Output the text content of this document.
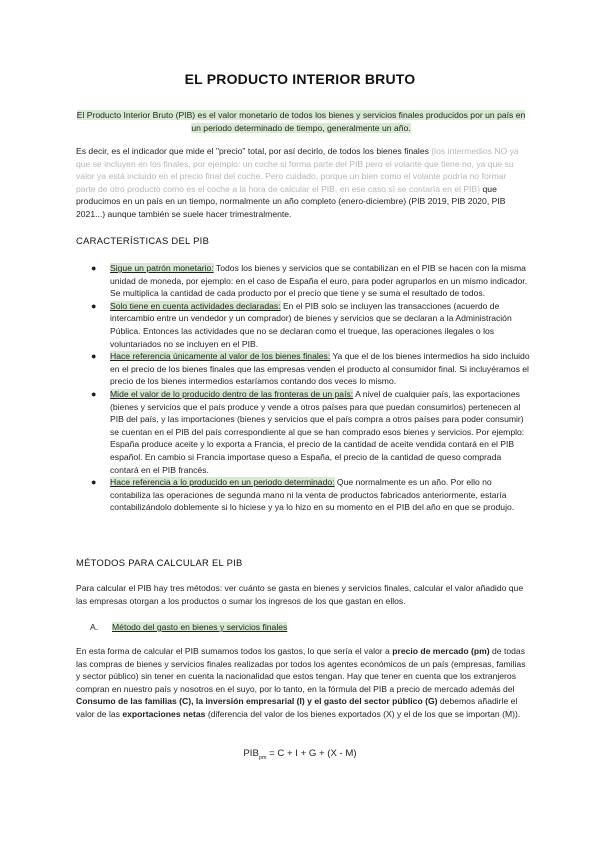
EL PRODUCTO INTERIOR BRUTO
El Producto Interior Bruto (PIB) es el valor monetario de todos los bienes y servicios finales producidos por un país en un periodo determinado de tiempo, generalmente un año.
Es decir, es el indicador que mide el "precio" total, por así decirlo, de todos los bienes finales (los intermedios NO ya que se incluyen en los finales, por ejemplo: un coche sí forma parte del PIB pero el volante que tiene no, ya que su valor ya está incluido en el precio final del coche. Pero cuidado, porque un bien como el volante podría no formar parte de otro producto como es el coche a la hora de calcular el PIB, en ese caso sí se contaría en el PIB) que producimos en un país en un tiempo, normalmente un año completo (enero-diciembre) (PIB 2019, PIB 2020, PIB 2021...) aunque también se suele hacer trimestralmente.
CARACTERÍSTICAS DEL PIB
● Sigue un patrón monetario: Todos los bienes y servicios que se contabilizan en el PIB se hacen con la misma unidad de moneda, por ejemplo: en el caso de España el euro, para poder agruparlos en un mismo indicador. Se multiplica la cantidad de cada producto por el precio que tiene y se suma el resultado de todos.
● Solo tiene en cuenta actividades declaradas: En el PIB solo se incluyen las transacciones (acuerdo de intercambio entre un vendedor y un comprador) de bienes y servicios que se declaran a la Administración Pública. Entonces las actividades que no se declaran como el trueque, las operaciones ilegales o los voluntariados no se incluyen en el PIB.
● Hace referencia únicamente al valor de los bienes finales: Ya que el de los bienes intermedios ha sido incluido en el precio de los bienes finales que las empresas venden el producto al consumidor final. Si incluyéramos el precio de los bienes intermedios estaríamos contando dos veces lo mismo.
● Mide el valor de lo producido dentro de las fronteras de un país: A nivel de cualquier país, las exportaciones (bienes y servicios que el país produce y vende a otros países para que puedan consumirlos) pertenecen al PIB del país, y las importaciones (bienes y servicios que el país compra a otros países para poder consumir) se cuentan en el PIB del país correspondiente al que se han comprado esos bienes y servicios. Por ejemplo: España produce aceite y lo exporta a Francia, el precio de la cantidad de aceite vendida contará en el PIB español. En cambio si Francia importase queso a España, el precio de la cantidad de queso comprada contará en el PIB francés.
● Hace referencia a lo producido en un periodo determinado: Que normalmente es un año. Por ello no contabiliza las operaciones de segunda mano ni la venta de productos fabricados anteriormente, estaría contabilizándolo doblemente si lo hiciese y ya lo hizo en su momento en el PIB del año en que se produjo.
MÉTODOS PARA CALCULAR EL PIB
Para calcular el PIB hay tres métodos: ver cuánto se gasta en bienes y servicios finales, calcular el valor añadido que las empresas otorgan a los productos o sumar los ingresos de los que gastan en ellos.
A. Método del gasto en bienes y servicios finales
En esta forma de calcular el PIB sumamos todos los gastos, lo que sería el valor a precio de mercado (pm) de todas las compras de bienes y servicios finales realizadas por todos los agentes económicos de un país (empresas, familias y sector público) sin tener en cuenta la nacionalidad que estos tengan. Hay que tener en cuenta que los extranjeros compran en nuestro país y nosotros en el suyo, por lo tanto, en la fórmula del PIB a precio de mercado además del Consumo de las familias (C), la inversión empresarial (I) y el gasto del sector público (G) debemos añadirle el valor de las exportaciones netas (diferencia del valor de los bienes exportados (X) y el de los que se importan (M)).
$PIB_{pm} = C + I + G + (X - M)$
